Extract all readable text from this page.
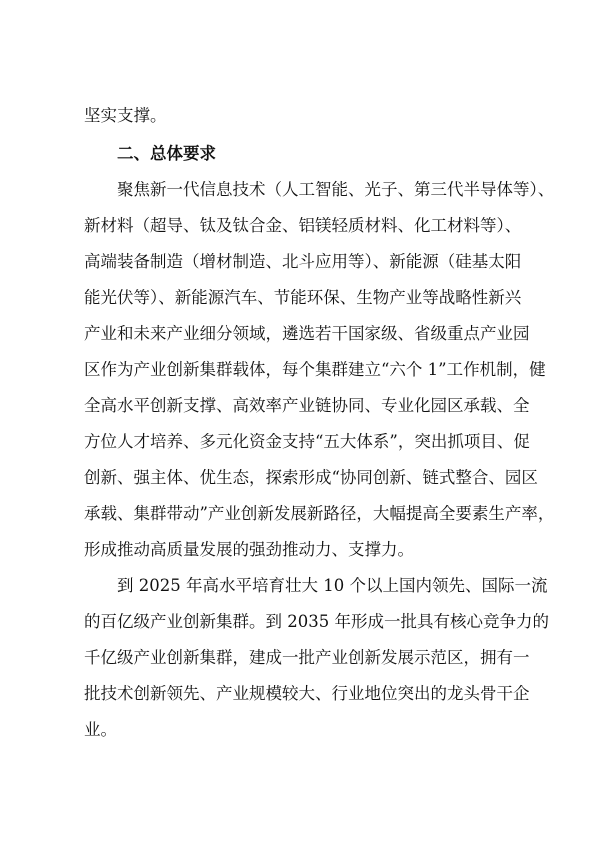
坚实支撑。
二、总体要求
聚焦新一代信息技术（人工智能、光子、第三代半导体等）、
新材料（超导、钛及钛合金、铝镁轻质材料、化工材料等）、
高端装备制造（增材制造、北斗应用等）、新能源（硅基太阳
能光伏等）、新能源汽车、节能环保、生物产业等战略性新兴
产业和未来产业细分领域，遴选若干国家级、省级重点产业园
区作为产业创新集群载体，每个集群建立“六个 1”工作机制，健
全高水平创新支撑、高效率产业链协同、专业化园区承载、全
方位人才培养、多元化资金支持“五大体系”，突出抓项目、促
创新、强主体、优生态，探索形成“协同创新、链式整合、园区
承载、集群带动”产业创新发展新路径，大幅提高全要素生产率，
形成推动高质量发展的强劲推动力、支撑力。
到 2025 年高水平培育壮大 10 个以上国内领先、国际一流
的百亿级产业创新集群。到 2035 年形成一批具有核心竞争力的
千亿级产业创新集群，建成一批产业创新发展示范区，拥有一
批技术创新领先、产业规模较大、行业地位突出的龙头骨干企
业。
